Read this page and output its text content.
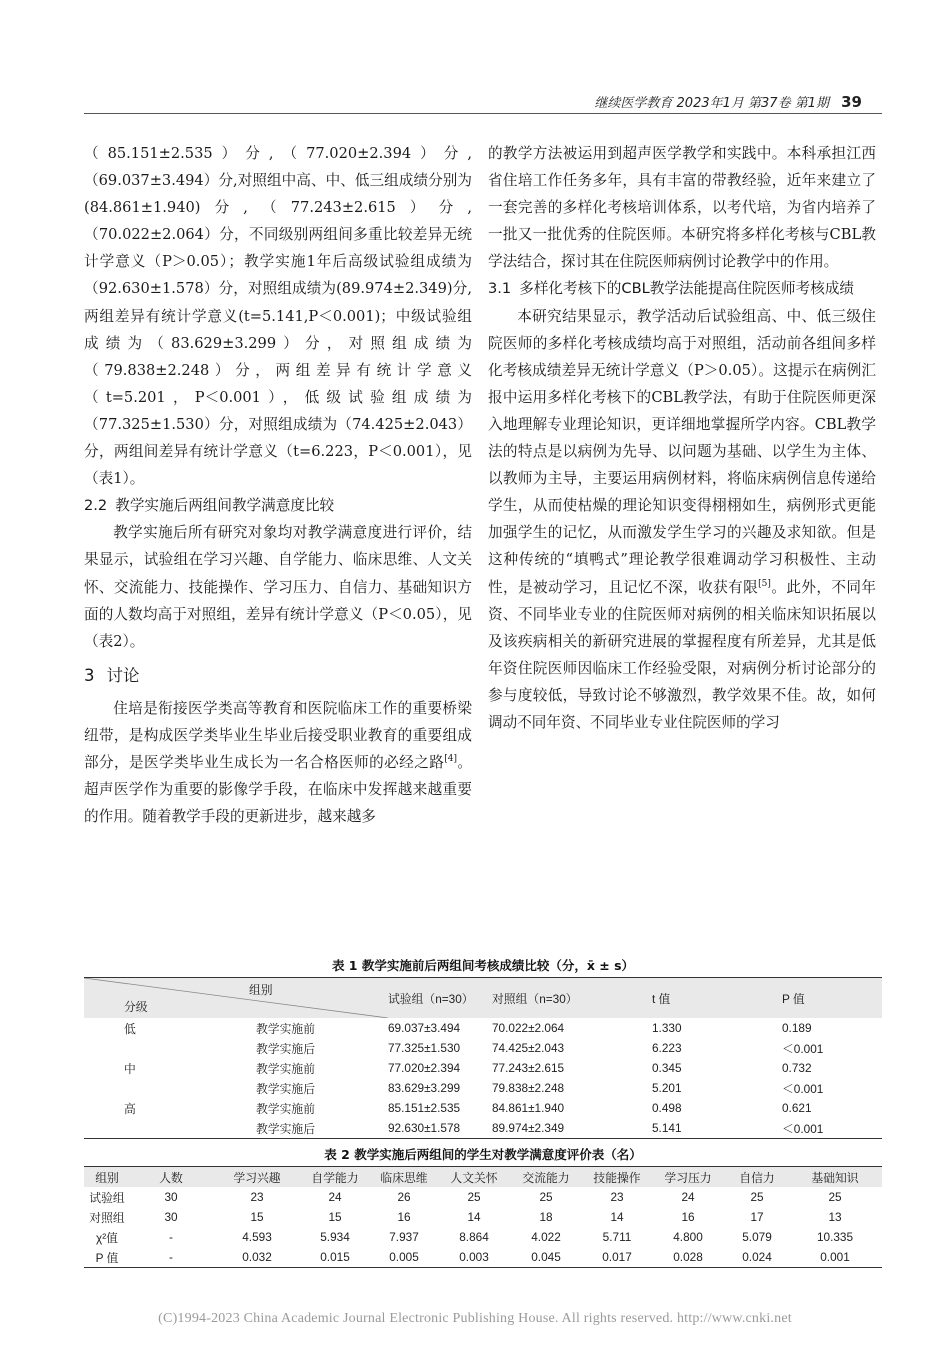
继续医学教育 2023年1月 第37卷 第1期 39

（85.151±2.535）分,（77.020±2.394）分,（69.037±3.494）分,对照组中高、中、低三组成绩分别为(84.861±1.940)分,（77.243±2.615）分,（70.022±2.064）分，不同级别两组间多重比较差异无统计学意义（P＞0.05）；教学实施1年后高级试验组成绩为（92.630±1.578）分，对照组成绩为(89.974±2.349)分,两组差异有统计学意义(t=5.141,P＜0.001)；中级试验组成绩为（83.629±3.299）分，对照组成绩为（79.838±2.248）分，两组差异有统计学意义（t=5.201，P＜0.001），低级试验组成绩为（77.325±1.530）分，对照组成绩为（74.425±2.043）分，两组间差异有统计学意义（t=6.223，P＜0.001），见（表1）。

2.2 教学实施后两组间教学满意度比较

教学实施后所有研究对象均对教学满意度进行评价，结果显示，试验组在学习兴趣、自学能力、临床思维、人文关怀、交流能力、技能操作、学习压力、自信力、基础知识方面的人数均高于对照组，差异有统计学意义（P＜0.05），见（表2）。

3 讨论

住培是衔接医学类高等教育和医院临床工作的重要桥梁纽带，是构成医学类毕业生毕业后接受职业教育的重要组成部分，是医学类毕业生成长为一名合格医师的必经之路[4]。超声医学作为重要的影像学手段，在临床中发挥越来越重要的作用。随着教学手段的更新进步，越来越多

的教学方法被运用到超声医学教学和实践中。本科承担江西省住培工作任务多年，具有丰富的带教经验，近年来建立了一套完善的多样化考核培训体系，以考代培，为省内培养了一批又一批优秀的住院医师。本研究将多样化考核与CBL教学法结合，探讨其在住院医师病例讨论教学中的作用。

3.1 多样化考核下的CBL教学法能提高住院医师考核成绩

本研究结果显示，教学活动后试验组高、中、低三级住院医师的多样化考核成绩均高于对照组，活动前各组间多样化考核成绩差异无统计学意义（P＞0.05）。这提示在病例汇报中运用多样化考核下的CBL教学法，有助于住院医师更深入地理解专业理论知识，更详细地掌握所学内容。CBL教学法的特点是以病例为先导、以问题为基础、以学生为主体、以教师为主导，主要运用病例材料，将临床病例信息传递给学生，从而使枯燥的理论知识变得栩栩如生，病例形式更能加强学生的记忆，从而激发学生学习的兴趣及求知欲。但是这种传统的“填鸭式”理论教学很难调动学习积极性、主动性，是被动学习，且记忆不深，收获有限[5]。此外，不同年资、不同毕业专业的住院医师对病例的相关临床知识拓展以及该疾病相关的新研究进展的掌握程度有所差异，尤其是低年资住院医师因临床工作经验受限，对病例分析讨论部分的参与度较低，导致讨论不够激烈，教学效果不佳。故，如何调动不同年资、不同毕业专业住院医师的学习

表 1 教学实施前后两组间考核成绩比较（分，x̄ ± s）
组别
分级		试验组（n=30）	对照组（n=30）	t 值	P 值
低	教学实施前	69.037±3.494	70.022±2.064	1.330	0.189
	教学实施后	77.325±1.530	74.425±2.043	6.223	＜0.001
中	教学实施前	77.020±2.394	77.243±2.615	0.345	0.732
	教学实施后	83.629±3.299	79.838±2.248	5.201	＜0.001
高	教学实施前	85.151±2.535	84.861±1.940	0.498	0.621
	教学实施后	92.630±1.578	89.974±2.349	5.141	＜0.001
表 2 教学实施后两组间的学生对教学满意度评价表（名）
组别	人数	学习兴趣	自学能力	临床思维	人文关怀	交流能力	技能操作	学习压力	自信力	基础知识
试验组	30	23	24	26	25	25	23	24	25	25
对照组	30	15	15	16	14	18	14	16	17	13
χ²值	-	4.593	5.934	7.937	8.864	4.022	5.711	4.800	5.079	10.335
P 值	-	0.032	0.015	0.005	0.003	0.045	0.017	0.028	0.024	0.001
(C)1994-2023 China Academic Journal Electronic Publishing House. All rights reserved. http://www.cnki.net
